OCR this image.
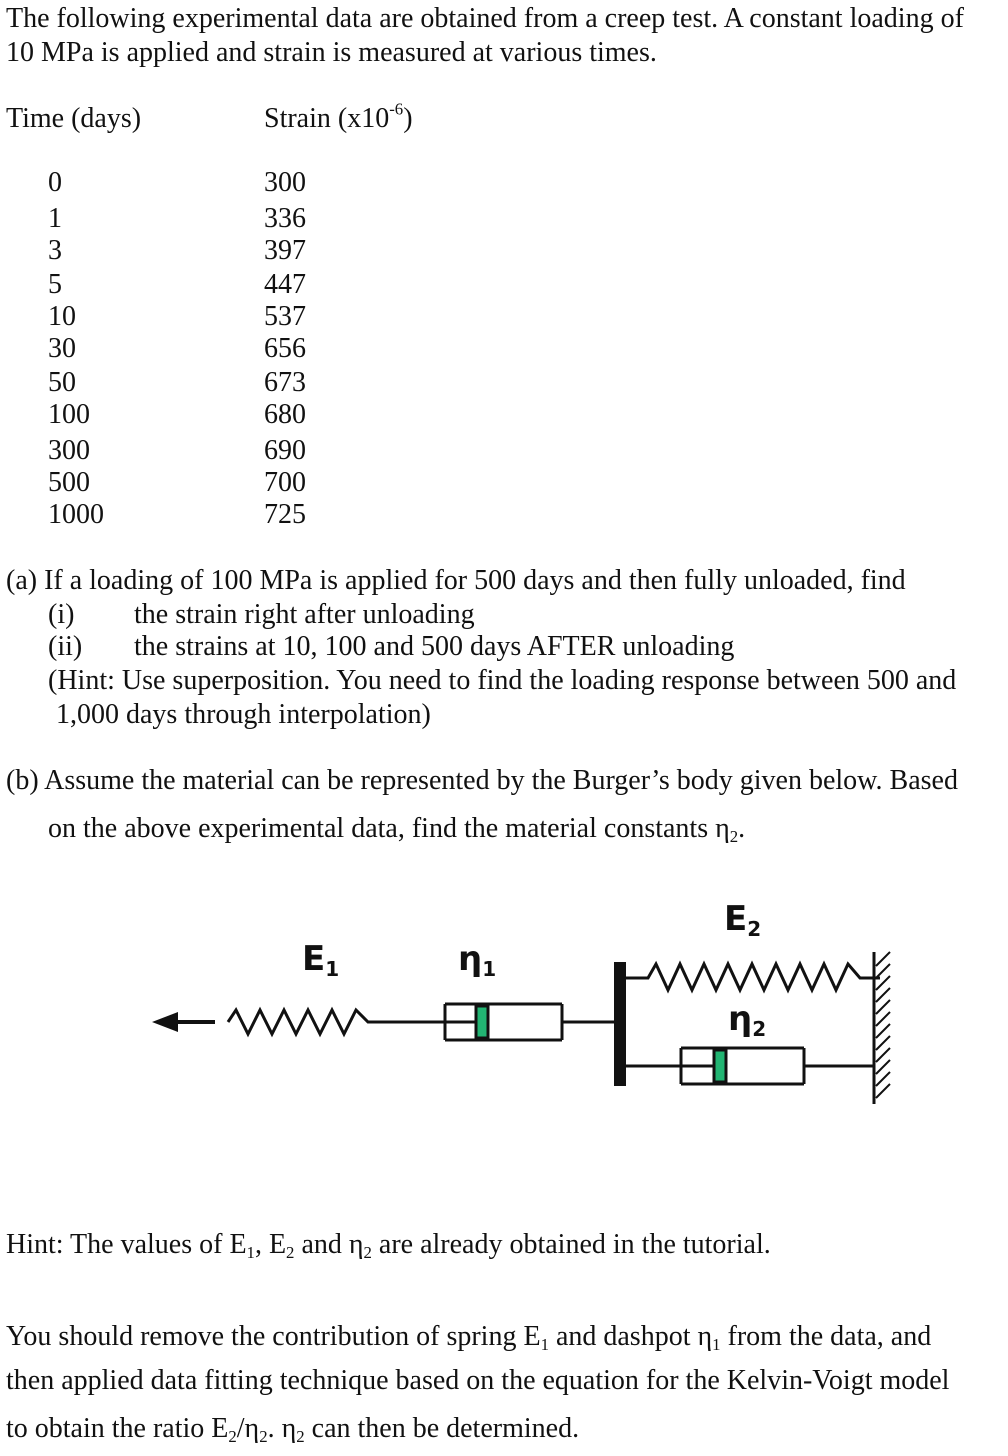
The following experimental data are obtained from a creep test. A constant loading of
10 MPa is applied and strain is measured at various times.
Time (days)	Strain $(x10^{-6})$
0	300
1	336
3	397
5	447
10	537
30	656
50	673
100	680
300	690
500	700
1000	725
(a) If a loading of 100 MPa is applied for 500 days and then fully unloaded, find
(i) the strain right after unloading
(ii) the strains at 10, 100 and 500 days AFTER unloading
(Hint: Use superposition. You need to find the loading response between 500 and
1,000 days through interpolation)
(b) Assume the material can be represented by the Burger’s body given below. Based
on the above experimental data, find the material constants $\eta_2$.
E1	η1
E2
η2
Hint: The values of $E_1$, $E_2$ and $\eta_2$ are already obtained in the tutorial.
You should remove the contribution of spring $E_1$ and dashpot $\eta_1$ from the data, and
then applied data fitting technique based on the equation for the Kelvin-Voigt model
to obtain the ratio $E_2/\eta_2$. $\eta_2$ can then be determined.
